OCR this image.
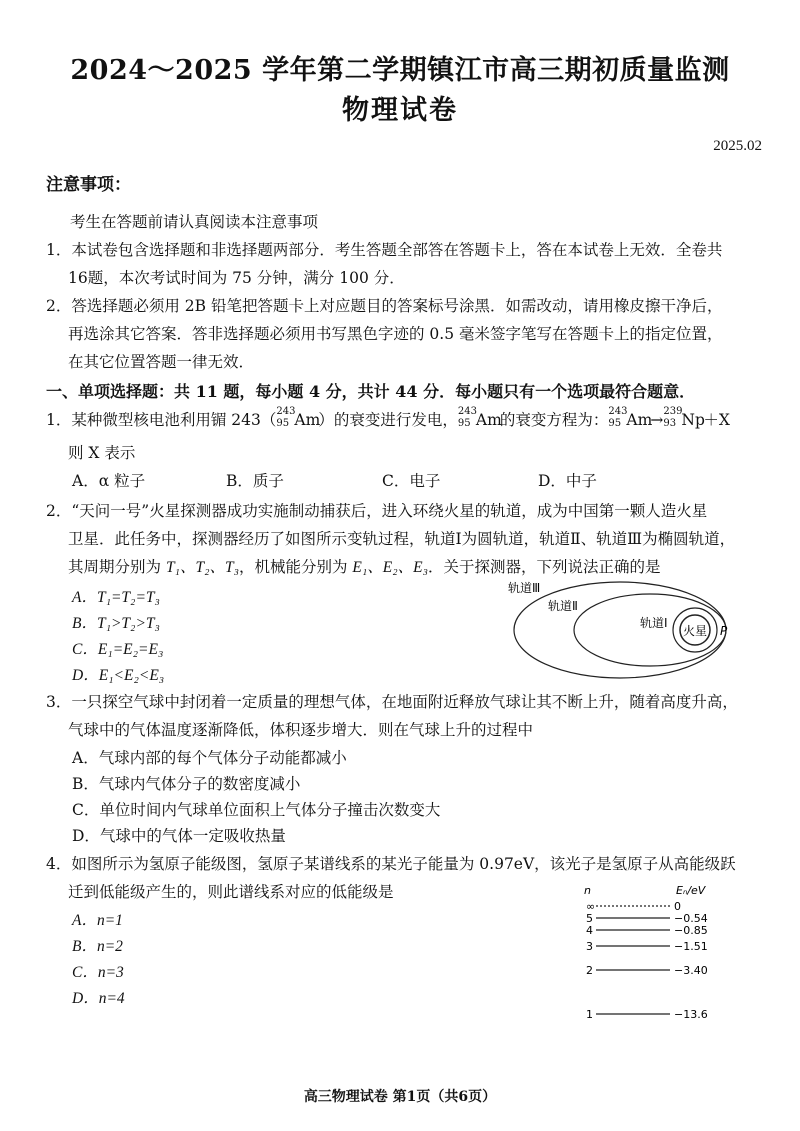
2024～2025 学年第二学期镇江市高三期初质量监测
物理试卷
2025.02
注意事项：
考生在答题前请认真阅读本注意事项
1．本试卷包含选择题和非选择题两部分．考生答题全部答在答题卡上，答在本试卷上无效．全卷共
16题，本次考试时间为 75 分钟，满分 100 分．
2．答选择题必须用 2B 铅笔把答题卡上对应题目的答案标号涂黑．如需改动，请用橡皮擦干净后，
再选涂其它答案．答非选择题必须用书写黑色字迹的 0.5 毫米签字笔写在答题卡上的指定位置，
在其它位置答题一律无效．
一、单项选择题：共 11 题，每小题 4 分，共计 44 分．每小题只有一个选项最符合题意．
1．某种微型核电池利用镅 243（ 243
95 Am
）的衰变进行发电， 243
95 Am
的衰变方程为： 243
95 Am
→ 239
93 Np
＋X
则 X 表示
A．α 粒子	B．质子	C．电子	D．中子
2．“天问一号”火星探测器成功实施制动捕获后，进入环绕火星的轨道，成为中国第一颗人造火星
卫星．此任务中，探测器经历了如图所示变轨过程，轨道Ⅰ为圆轨道，轨道Ⅱ、轨道Ⅲ为椭圆轨道，
其周期分别为 T₁、T₂、T₃，机械能分别为 E₁、E₂、E₃．关于探测器，下列说法正确的是
A．T₁=T₂=T₃
B．T₁>T₂>T₃
C．E₁=E₂=E₃
D．E₁<E₂<E₃
火星
轨道Ⅲ
轨道Ⅱ
轨道Ⅰ
P
3．一只探空气球中封闭着一定质量的理想气体，在地面附近释放气球让其不断上升，随着高度升高，
气球中的气体温度逐渐降低，体积逐步增大．则在气球上升的过程中
A．气球内部的每个气体分子动能都减小
B．气球内气体分子的数密度减小
C．单位时间内气球单位面积上气体分子撞击次数变大
D．气球中的气体一定吸收热量
4．如图所示为氢原子能级图，氢原子某谱线系的某光子能量为 0.97eV，该光子是氢原子从高能级跃
迁到低能级产生的，则此谱线系对应的低能级是
A．n=1
B．n=2
C．n=3
D．n=4
n	Eₙ/eV
∞	0
5	−0.54
4	−0.85
3	−1.51
2	−3.40
1	−13.6
高三物理试卷 第1页（共6页）
